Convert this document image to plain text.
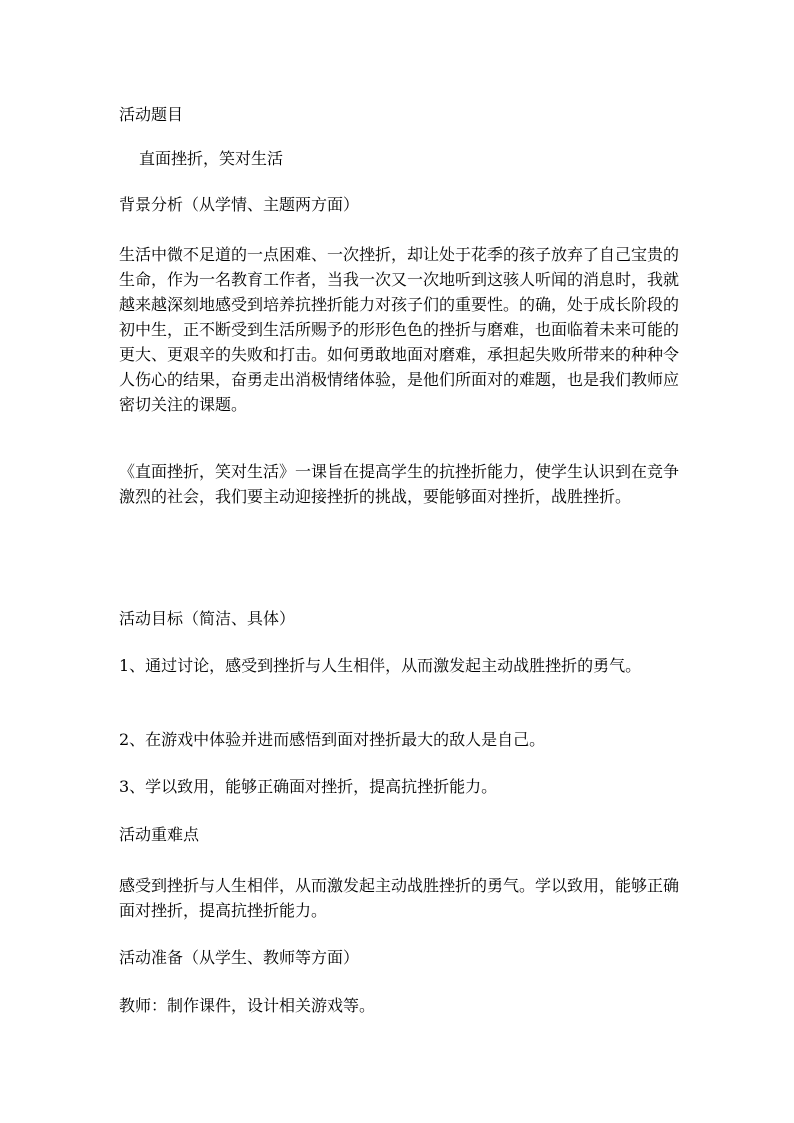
活动题目

直面挫折，笑对生活

背景分析（从学情、主题两方面）

生活中微不足道的一点困难、一次挫折，却让处于花季的孩子放弃了自己宝贵的生命，作为一名教育工作者，当我一次又一次地听到这骇人听闻的消息时，我就越来越深刻地感受到培养抗挫折能力对孩子们的重要性。的确，处于成长阶段的初中生，正不断受到生活所赐予的形形色色的挫折与磨难，也面临着未来可能的更大、更艰辛的失败和打击。如何勇敢地面对磨难，承担起失败所带来的种种令人伤心的结果，奋勇走出消极情绪体验，是他们所面对的难题，也是我们教师应密切关注的课题。

《直面挫折，笑对生活》一课旨在提高学生的抗挫折能力，使学生认识到在竞争激烈的社会，我们要主动迎接挫折的挑战，要能够面对挫折，战胜挫折。

活动目标（简洁、具体）

1、通过讨论，感受到挫折与人生相伴，从而激发起主动战胜挫折的勇气。

2、在游戏中体验并进而感悟到面对挫折最大的敌人是自己。

3、学以致用，能够正确面对挫折，提高抗挫折能力。

活动重难点

感受到挫折与人生相伴，从而激发起主动战胜挫折的勇气。学以致用，能够正确面对挫折，提高抗挫折能力。

活动准备（从学生、教师等方面）

教师：制作课件，设计相关游戏等。
